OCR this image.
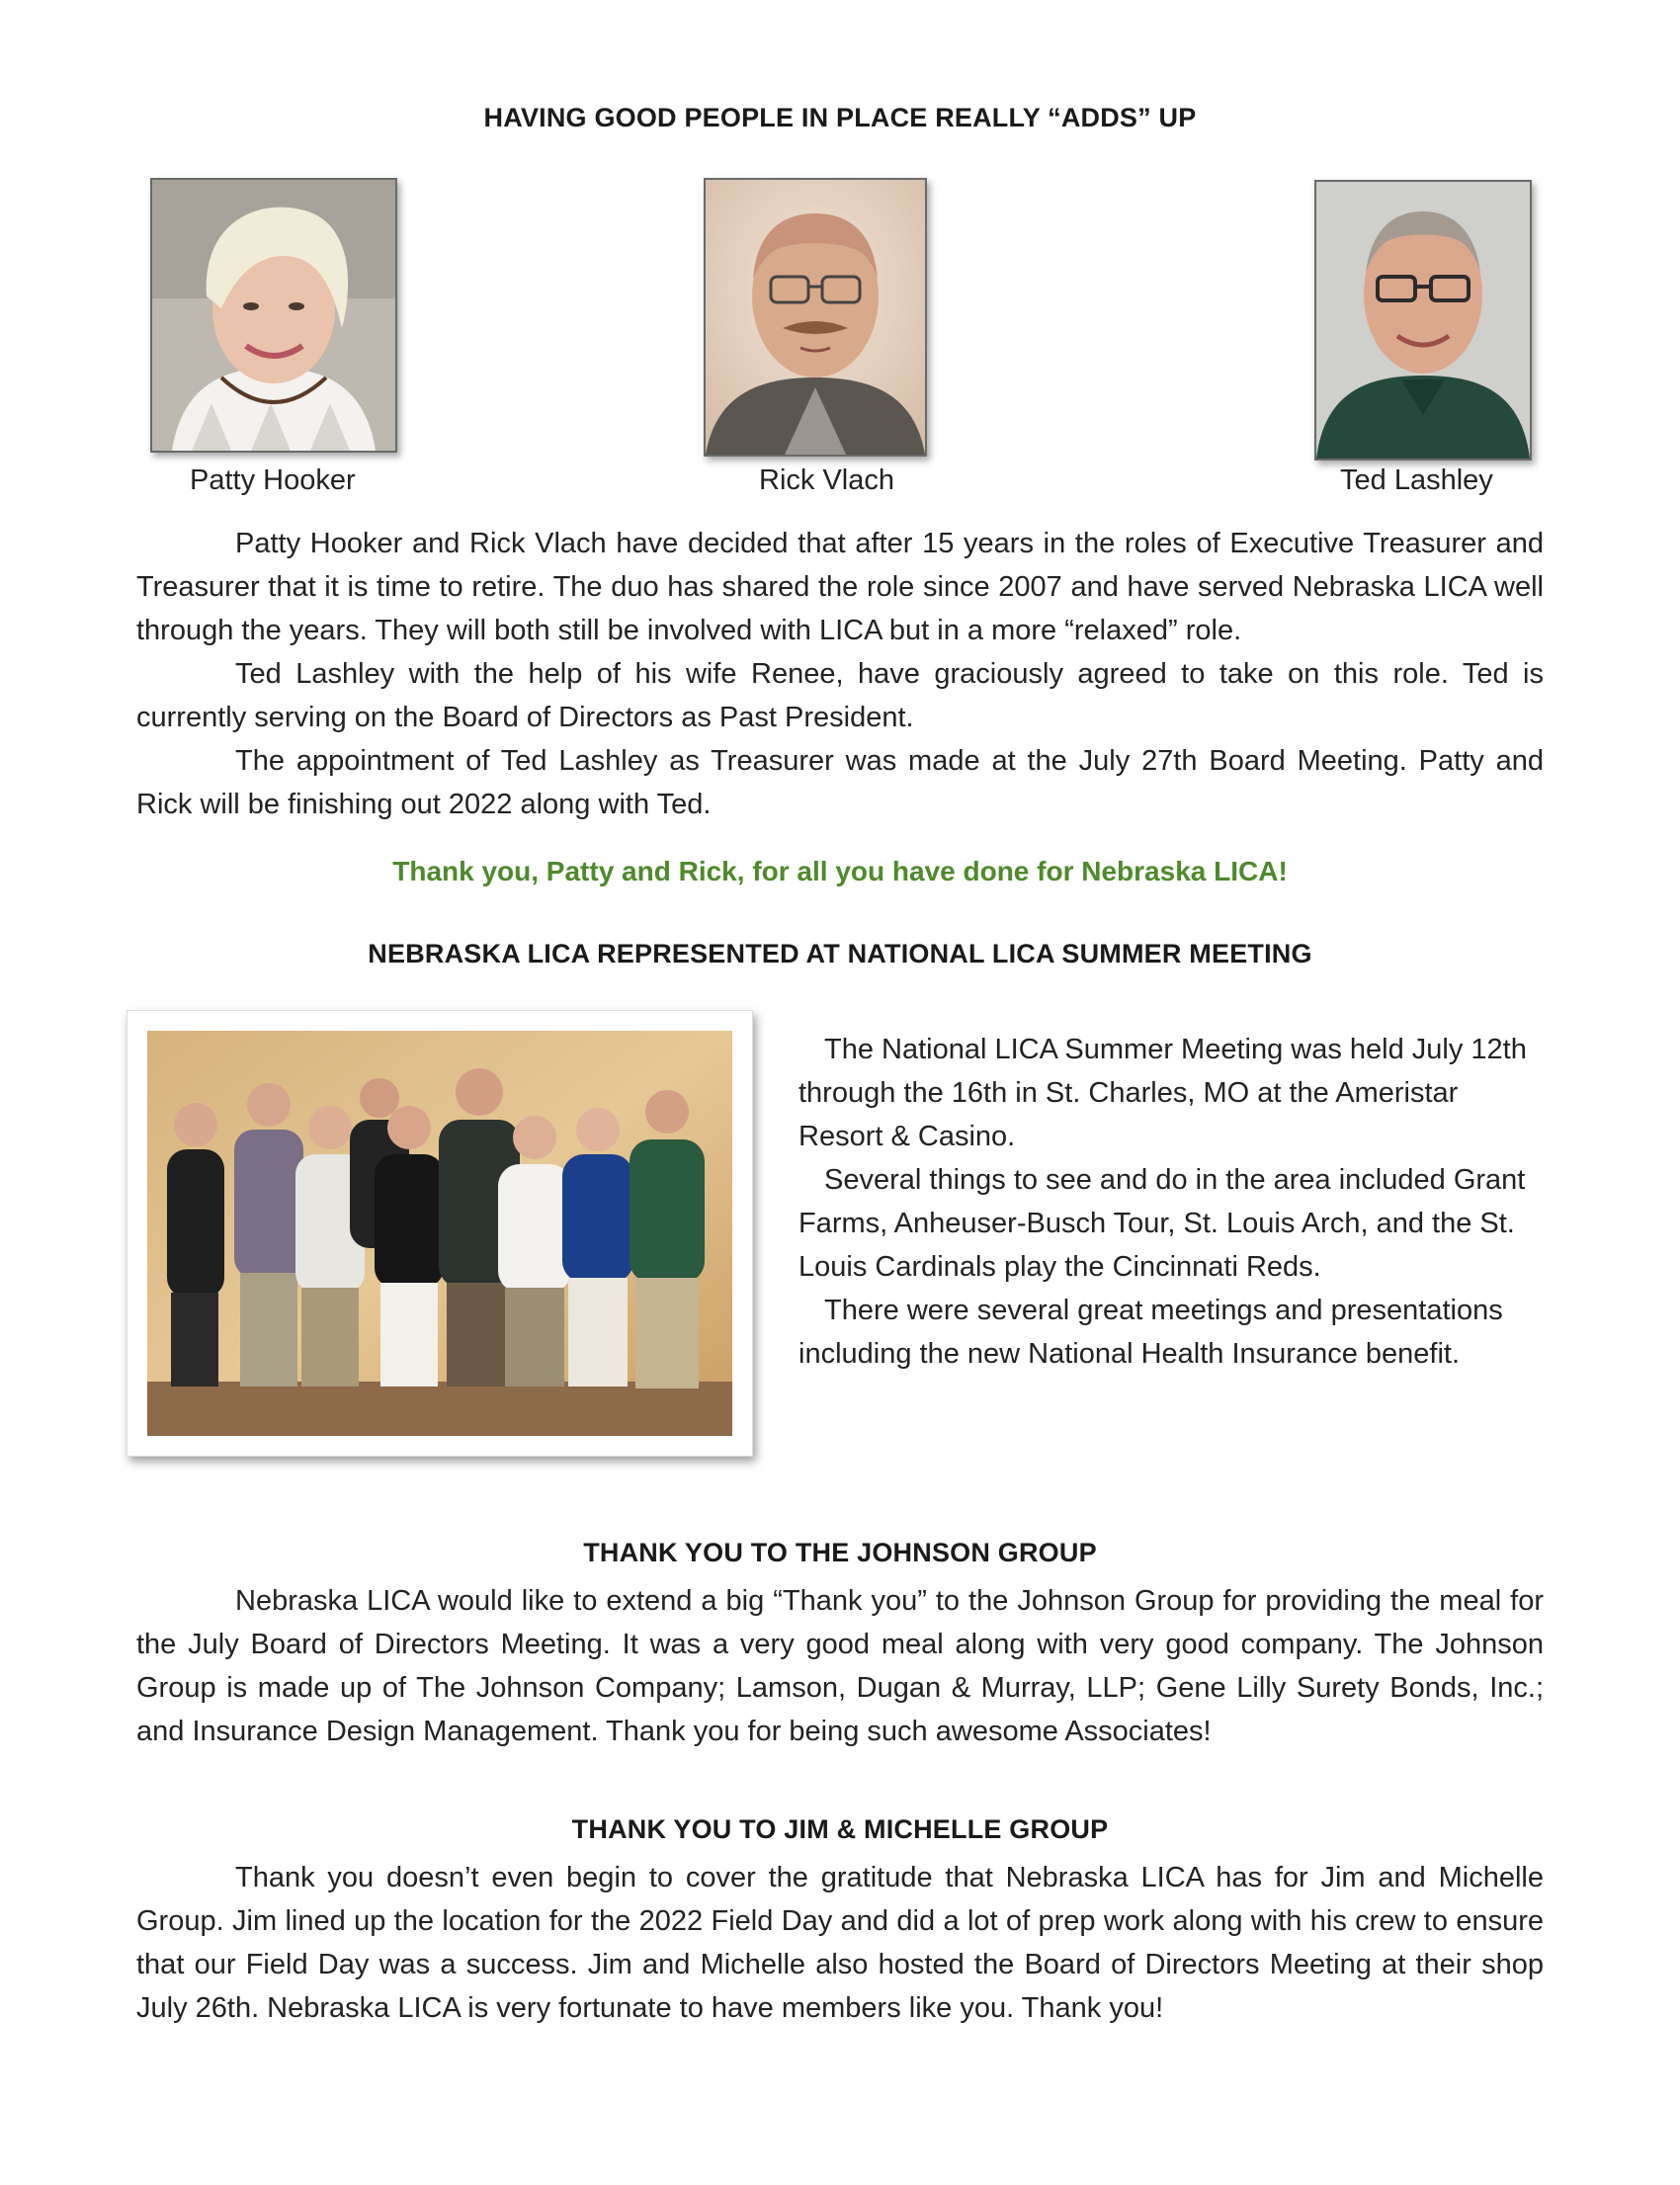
HAVING GOOD PEOPLE IN PLACE REALLY “ADDS” UP
Patty Hooker	Rick Vlach	Ted Lashley

Patty Hooker and Rick Vlach have decided that after 15 years in the roles of Executive Treasurer and Treasurer that it is time to retire. The duo has shared the role since 2007 and have served Nebraska LICA well through the years. They will both still be involved with LICA but in a more “relaxed” role.

Ted Lashley with the help of his wife Renee, have graciously agreed to take on this role. Ted is currently serving on the Board of Directors as Past President.

The appointment of Ted Lashley as Treasurer was made at the July 27th Board Meeting. Patty and Rick will be finishing out 2022 along with Ted.

Thank you, Patty and Rick, for all you have done for Nebraska LICA!
NEBRASKA LICA REPRESENTED AT NATIONAL LICA SUMMER MEETING

The National LICA Summer Meeting was held July 12th through the 16th in St. Charles, MO at the Ameristar Resort & Casino.

Several things to see and do in the area included Grant Farms, Anheuser-Busch Tour, St. Louis Arch, and the St. Louis Cardinals play the Cincinnati Reds.

There were several great meetings and presentations including the new National Health Insurance benefit.

THANK YOU TO THE JOHNSON GROUP

Nebraska LICA would like to extend a big “Thank you” to the Johnson Group for providing the meal for the July Board of Directors Meeting. It was a very good meal along with very good company. The Johnson Group is made up of The Johnson Company; Lamson, Dugan & Murray, LLP; Gene Lilly Surety Bonds, Inc.; and Insurance Design Management. Thank you for being such awesome Associates!

THANK YOU TO JIM & MICHELLE GROUP

Thank you doesn’t even begin to cover the gratitude that Nebraska LICA has for Jim and Michelle Group. Jim lined up the location for the 2022 Field Day and did a lot of prep work along with his crew to ensure that our Field Day was a success. Jim and Michelle also hosted the Board of Directors Meeting at their shop July 26th. Nebraska LICA is very fortunate to have members like you. Thank you!
